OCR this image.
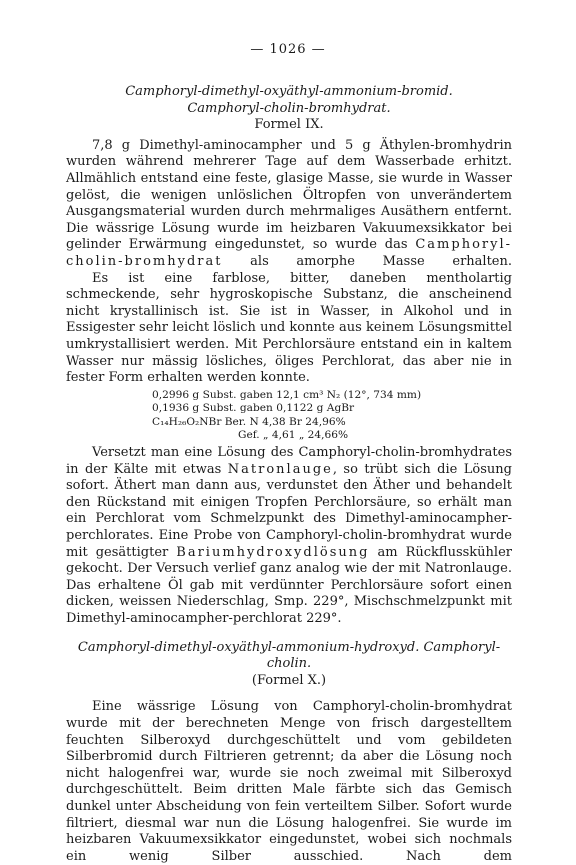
— 1026 —
Camphoryl-dimethyl-oxyäthyl-ammonium-bromid.
Camphoryl-cholin-bromhydrat.
Formel IX.

7,8 g Dimethyl-aminocampher und 5 g Äthylen-bromhydrin wurden während mehrerer Tage auf dem Wasserbade erhitzt. Allmählich entstand eine feste, glasige Masse, sie wurde in Wasser gelöst, die wenigen unlöslichen Öltropfen von unverändertem Ausgangsmaterial wurden durch mehrmaliges Ausäthern entfernt. Die wässrige Lösung wurde im heizbaren Vakuumexsikkator bei gelinder Erwärmung eingedunstet, so wurde das Camphoryl-cholin-bromhydrat als amorphe Masse erhalten.

Es ist eine farblose, bitter, daneben mentholartig schmeckende, sehr hygroskopische Substanz, die anscheinend nicht krystallinisch ist. Sie ist in Wasser, in Alkohol und in Essigester sehr leicht löslich und konnte aus keinem Lösungsmittel umkrystallisiert werden. Mit Perchlorsäure entstand ein in kaltem Wasser nur mässig lösliches, öliges Perchlorat, das aber nie in fester Form erhalten werden konnte.

0,2996 g Subst. gaben 12,1 cm³ N₂ (12°, 734 mm)
0,1936 g Subst. gaben 0,1122 g AgBr
C₁₄H₂₆O₂NBr Ber. N 4,38 Br 24,96%
Gef. „ 4,61 „ 24,66%

Versetzt man eine Lösung des Camphoryl-cholin-bromhydrates in der Kälte mit etwas Natronlauge, so trübt sich die Lösung sofort. Äthert man dann aus, verdunstet den Äther und behandelt den Rückstand mit einigen Tropfen Perchlorsäure, so erhält man ein Perchlorat vom Schmelzpunkt des Dimethyl-aminocampher-perchlorates. Eine Probe von Camphoryl-cholin-bromhydrat wurde mit gesättigter Bariumhydroxydlösung am Rückflusskühler gekocht. Der Versuch verlief ganz analog wie der mit Natronlauge. Das erhaltene Öl gab mit verdünnter Perchlorsäure sofort einen dicken, weissen Niederschlag, Smp. 229°, Mischschmelzpunkt mit Dimethyl-aminocampher-perchlorat 229°.

Camphoryl-dimethyl-oxyäthyl-ammonium-hydroxyd. Camphoryl-cholin.
(Formel X.)

Eine wässrige Lösung von Camphoryl-cholin-bromhydrat wurde mit der berechneten Menge von frisch dargestelltem feuchten Silberoxyd durchgeschüttelt und vom gebildeten Silberbromid durch Filtrieren getrennt; da aber die Lösung noch nicht halogenfrei war, wurde sie noch zweimal mit Silberoxyd durchgeschüttelt. Beim dritten Male färbte sich das Gemisch dunkel unter Abscheidung von fein verteiltem Silber. Sofort wurde filtriert, diesmal war nun die Lösung halogenfrei. Sie wurde im heizbaren Vakuumexsikkator eingedunstet, wobei sich nochmals ein wenig Silber ausschied. Nach dem
